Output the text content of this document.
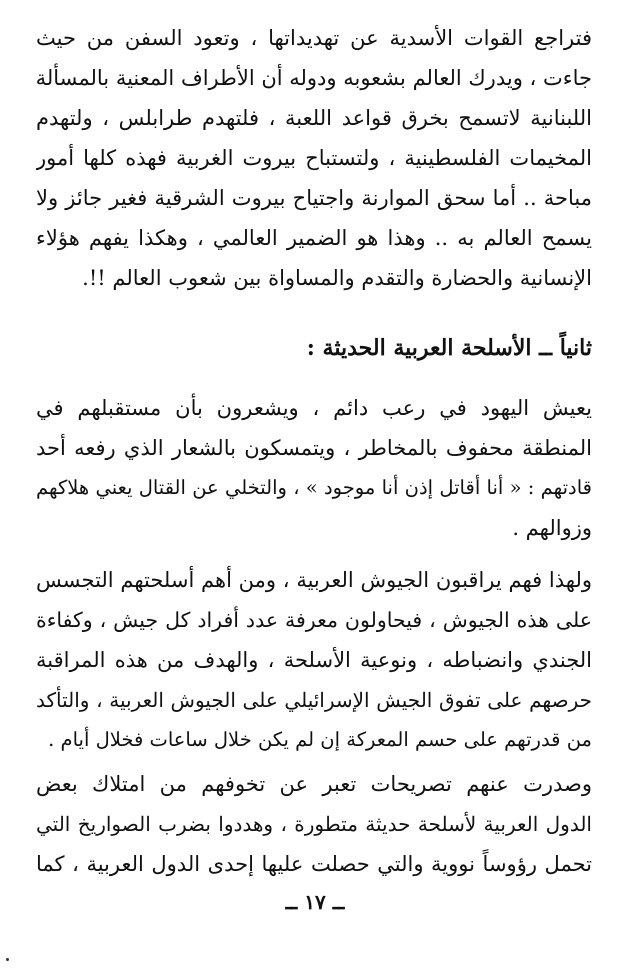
فتراجع القوات الأسدية عن تهديداتها ، وتعود السفن من حيث
جاءت ، ويدرك العالم بشعوبه ودوله أن الأطراف المعنية بالمسألة
اللبنانية لاتسمح بخرق قواعد اللعبة ، فلتهدم طرابلس ، ولتهدم
المخيمات الفلسطينية ، ولتستباح بيروت الغربية فهذه كلها أمور
مباحة .. أما سحق الموارنة واجتياح بيروت الشرقية فغير جائز ولا
يسمح العالم به .. وهذا هو الضمير العالمي ، وهكذا يفهم هؤلاء
الإنسانية والحضارة والتقدم والمساواة بين شعوب العالم !!.
ثانياً ــ الأسلحة العربية الحديثة :
يعيش اليهود في رعب دائم ، ويشعرون بأن مستقبلهم في
المنطقة محفوف بالمخاطر ، ويتمسكون بالشعار الذي رفعه أحد
قادتهم : « أنا أقاتل إذن أنا موجود » ، والتخلي عن القتال يعني هلاكهم
وزوالهم .
ولهذا فهم يراقبون الجيوش العربية ، ومن أهم أسلحتهم التجسس
على هذه الجيوش ، فيحاولون معرفة عدد أفراد كل جيش ، وكفاءة
الجندي وانضباطه ، ونوعية الأسلحة ، والهدف من هذه المراقبة
حرصهم على تفوق الجيش الإسرائيلي على الجيوش العربية ، والتأكد
من قدرتهم على حسم المعركة إن لم يكن خلال ساعات فخلال أيام .
وصدرت عنهم تصريحات تعبر عن تخوفهم من امتلاك بعض
الدول العربية لأسلحة حديثة متطورة ، وهددوا بضرب الصواريخ التي
تحمل رؤوساً نووية والتي حصلت عليها إحدى الدول العربية ، كما
ــ ١٧ ــ
